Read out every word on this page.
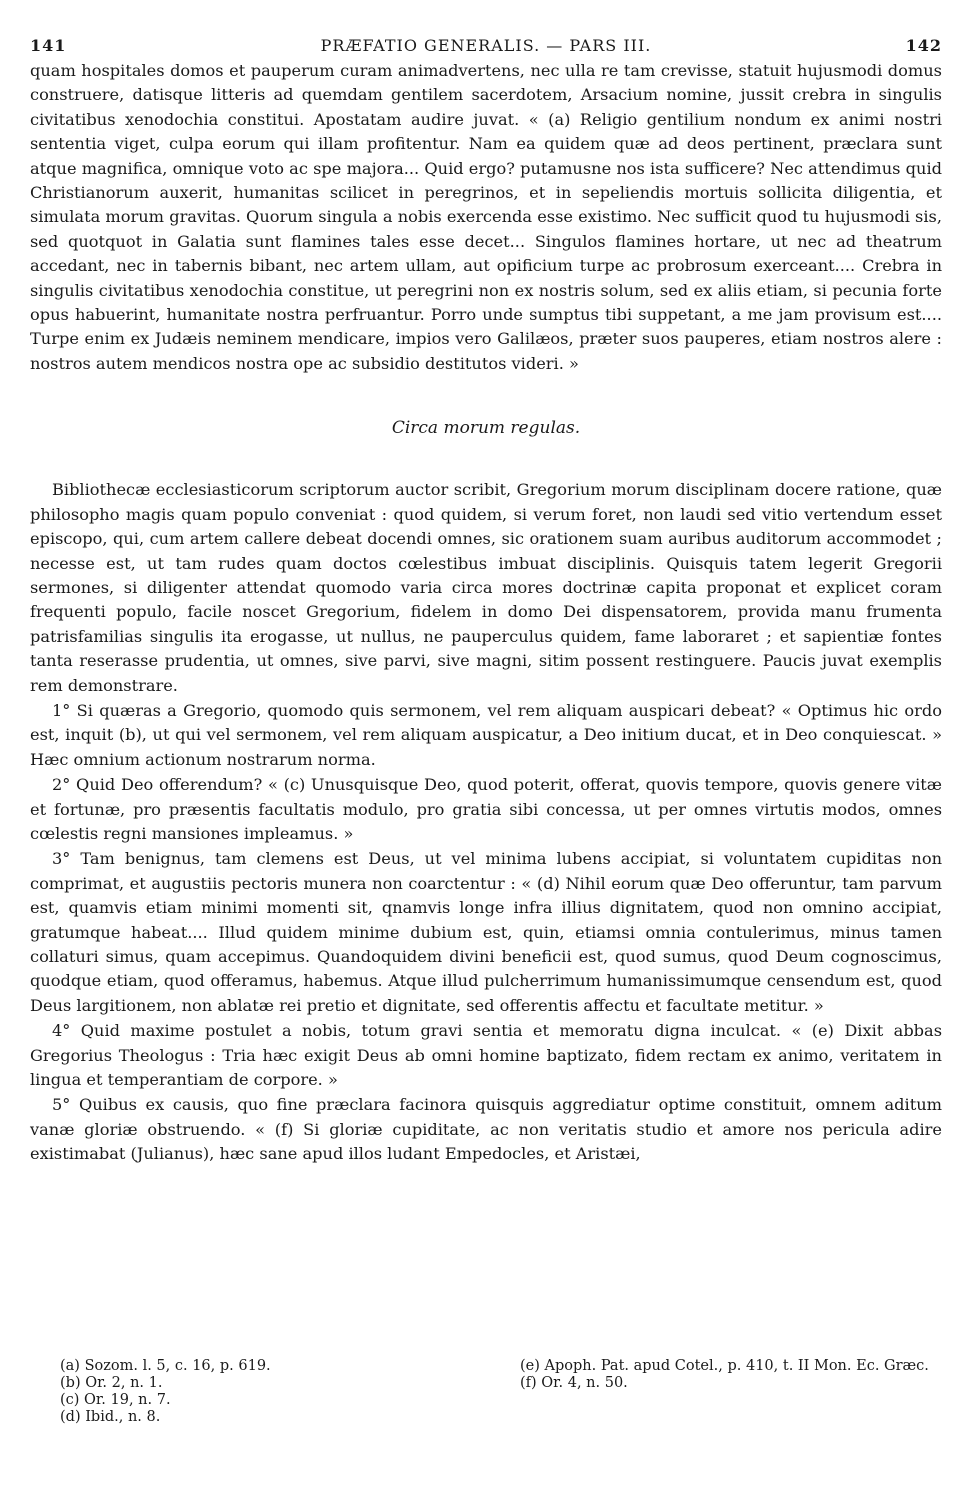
141	PRÆFATIO GENERALIS. — PARS III.	142

quam hospitales domos et pauperum curam animadvertens, nec ulla re tam crevisse, statuit hujusmodi domus construere, datisque litteris ad quemdam gentilem sacerdotem, Arsacium nomine, jussit crebra in singulis civitatibus xenodochia constitui. Apostatam audire juvat. « (a) Religio gentilium nondum ex animi nostri sententia viget, culpa eorum qui illam profitentur. Nam ea quidem quæ ad deos pertinent, præclara sunt atque magnifica, omnique voto ac spe majora... Quid ergo? putamusne nos ista sufficere? Nec attendimus quid Christianorum auxerit, humanitas scilicet in peregrinos, et in sepeliendis mortuis sollicita diligentia, et simulata morum gravitas. Quorum singula a nobis exercenda esse existimo. Nec sufficit quod tu hujusmodi sis, sed quotquot in Galatia sunt flamines tales esse decet... Singulos flamines hortare, ut nec ad theatrum accedant, nec in tabernis bibant, nec artem ullam, aut opificium turpe ac probrosum exerceant.... Crebra in singulis civitatibus xenodochia constitue, ut peregrini non ex nostris solum, sed ex aliis etiam, si pecunia forte opus habuerint, humanitate nostra perfruantur. Porro unde sumptus tibi suppetant, a me jam provisum est.... Turpe enim ex Judæis neminem mendicare, impios vero Galilæos, præter suos pauperes, etiam nostros alere : nostros autem mendicos nostra ope ac subsidio destitutos videri. »

Circa morum regulas.

Bibliothecæ ecclesiasticorum scriptorum auctor scribit, Gregorium morum disciplinam docere ratione, quæ philosopho magis quam populo conveniat : quod quidem, si verum foret, non laudi sed vitio vertendum esset episcopo, qui, cum artem callere debeat docendi omnes, sic orationem suam auribus auditorum accommodet ; necesse est, ut tam rudes quam doctos cœlestibus imbuat disciplinis. Quisquis tatem legerit Gregorii sermones, si diligenter attendat quomodo varia circa mores doctrinæ capita proponat et explicet coram frequenti populo, facile noscet Gregorium, fidelem in domo Dei dispensatorem, provida manu frumenta patrisfamilias singulis ita erogasse, ut nullus, ne pauperculus quidem, fame laboraret ; et sapientiæ fontes tanta reserasse prudentia, ut omnes, sive parvi, sive magni, sitim possent restinguere. Paucis juvat exemplis rem demonstrare.

1° Si quæras a Gregorio, quomodo quis sermonem, vel rem aliquam auspicari debeat? « Optimus hic ordo est, inquit (b), ut qui vel sermonem, vel rem aliquam auspicatur, a Deo initium ducat, et in Deo conquiescat. » Hæc omnium actionum nostrarum norma.

2° Quid Deo offerendum? « (c) Unusquisque Deo, quod poterit, offerat, quovis tempore, quovis genere vitæ et fortunæ, pro præsentis facultatis modulo, pro gratia sibi concessa, ut per omnes virtutis modos, omnes cœlestis regni mansiones impleamus. »

3° Tam benignus, tam clemens est Deus, ut vel minima lubens accipiat, si voluntatem cupiditas non comprimat, et augustiis pectoris munera non coarctentur : « (d) Nihil eorum quæ Deo offeruntur, tam parvum est, quamvis etiam minimi momenti sit, qnamvis longe infra illius dignitatem, quod non omnino accipiat, gratumque habeat.... Illud quidem minime dubium est, quin, etiamsi omnia contulerimus, minus tamen collaturi simus, quam accepimus. Quandoquidem divini beneficii est, quod sumus, quod Deum cognoscimus, quodque etiam, quod offeramus, habemus. Atque illud pulcherrimum humanissimumque censendum est, quod Deus largitionem, non ablatæ rei pretio et dignitate, sed offerentis affectu et facultate metitur. »

4° Quid maxime postulet a nobis, totum gravi sentia et memoratu digna inculcat. « (e) Dixit abbas Gregorius Theologus : Tria hæc exigit Deus ab omni homine baptizato, fidem rectam ex animo, veritatem in lingua et temperantiam de corpore. »

5° Quibus ex causis, quo fine præclara facinora quisquis aggrediatur optime constituit, omnem aditum vanæ gloriæ obstruendo. « (f) Si gloriæ cupiditate, ac non veritatis studio et amore nos pericula adire existimabat (Julianus), hæc sane apud illos ludant Empedocles, et Aristæi,

(a) Sozom. l. 5, c. 16, p. 619.
(b) Or. 2, n. 1.
(c) Or. 19, n. 7.
(d) Ibid., n. 8.
(e) Apoph. Pat. apud Cotel., p. 410, t. II Mon. Ec. Græc.
(f) Or. 4, n. 50.
